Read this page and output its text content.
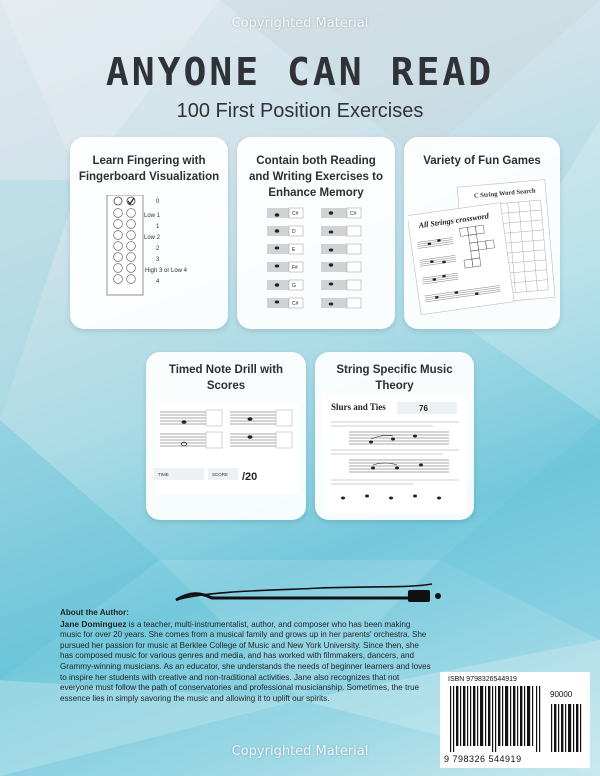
Copyrighted Material
ANYONE CAN READ
100 First Position Exercises
Learn Fingering with
Fingerboard Visualization
0
Low 1
1
Low 2
2
3
High 3 or Low 4
4
Contain both Reading
and Writing Exercises to
Enhance Memory
C#
D
E
F#
G
C#
C#
Variety of Fun Games
C String Word Search
All Strings crossword
Timed Note Drill with
Scores
TIME	SCORE /20
String Specific Music
Theory
Slurs and Ties	76
About the Author:
Jane Dominguez is a teacher, multi-instrumentalist, author, and composer who has been making music for over 20 years. She comes from a musical family and grows up in her parents' orchestra. She pursued her passion for music at Berklee College of Music and New York University. Since then, she has composed music for various genres and media, and has worked with filmmakers, dancers, and Grammy-winning musicians. As an educator, she understands the needs of beginner learners and loves to inspire her students with creative and non-traditional activities. Jane also recognizes that not everyone must follow the path of conservatories and professional musicianship. Sometimes, the true essence lies in simply savoring the music and allowing it to uplift our spirits.
ISBN 9798326544919
90000
9 798326 544919
Copyrighted Material
